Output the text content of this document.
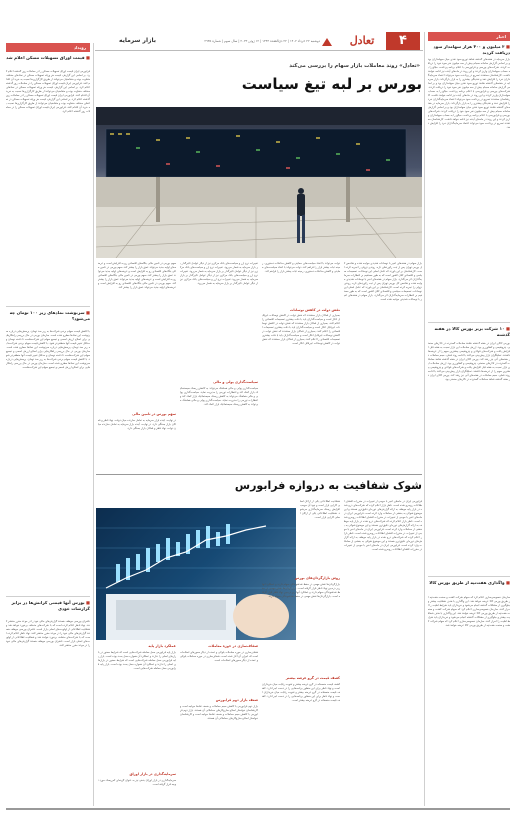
۴
تعادل
دوشنبه ۲۲ خرداد ۱۴۰۲ | ۲۲ ذی‌القعده ۱۴۴۴ | ۱۲ ژوئن ۲۰۲۳ | سال سوم | شماره ۲۹۳۵
بازار سرمایه
اخبار
■ ۳ میلیون و ۴۰۰ هزار سهامدار سود دریافت کردند
بازار سرمایه در هفته‌های گذشته شاهد توزیع سود نقدی میان سهامداران بود و بر اساس گزارش سامانه سجام بیش از سه میلیون نفر سود خود را دریافت کردند. شرکت‌های بورسی و فرابورسی با اعلام برنامه پرداخت، مبالغ را به حساب سهامداران واریز کردند و این روند در ماه‌های آینده نیز ادامه خواهد داشت. کارشناسان معتقدند تسریع در پرداخت سود می‌تواند اعتماد سرمایه‌گذاران خرد را افزایش دهد و نقدینگی بیشتری را به بازار بازگرداند. بازار سرمایه در هفته‌های گذشته شاهد توزیع سود نقدی میان سهامداران بود و بر اساس گزارش سامانه سجام بیش از سه میلیون نفر سود خود را دریافت کردند. شرکت‌های بورسی و فرابورسی با اعلام برنامه پرداخت، مبالغ را به حساب سهامداران واریز کردند و این روند در ماه‌های آینده نیز ادامه خواهد داشت. کارشناسان معتقدند تسریع در پرداخت سود می‌تواند اعتماد سرمایه‌گذاران خرد را افزایش دهد و نقدینگی بیشتری را به بازار بازگرداند. بازار سرمایه در هفته‌های گذشته شاهد توزیع سود نقدی میان سهامداران بود و بر اساس گزارش سامانه سجام بیش از سه میلیون نفر سود خود را دریافت کردند. شرکت‌های بورسی و فرابورسی با اعلام برنامه پرداخت، مبالغ را به حساب سهامداران واریز کردند و این روند در ماه‌های آینده نیز ادامه خواهد داشت. کارشناسان معتقدند تسریع در پرداخت سود می‌تواند اعتماد سرمایه‌گذاران خرد را افزایش دهد.
■ ۱۰ شرکت برتر بورس کالا در هفته گذشته
بورس کالای ایران در هفته گذشته شاهد معاملات گسترده در تالارهای صنعتی، پتروشیمی و کشاورزی بود. ارزش معاملات این بازار نسبت به هفته قبل افزایش یافت و شرکت‌های فولادی و پتروشیمی بیشترین سهم را از عرضه‌ها داشتند. تحلیلگران بازار پیش‌بینی می‌کنند با ادامه روند فعلی، حجم معاملات در هفته‌های آتی نیز رشد کند. بورس کالای ایران در هفته گذشته شاهد معاملات گسترده در تالارهای صنعتی، پتروشیمی و کشاورزی بود. ارزش معاملات این بازار نسبت به هفته قبل افزایش یافت و شرکت‌های فولادی و پتروشیمی بیشترین سهم را از عرضه‌ها داشتند. تحلیلگران بازار پیش‌بینی می‌کنند با ادامه روند فعلی، حجم معاملات در هفته‌های آتی نیز رشد کند. بورس کالای ایران در هفته گذشته شاهد معاملات گسترده در تالارهای صنعتی بود.
■ واگذاری هفت‌تپه از طریق بورس کالا
سازمان خصوصی‌سازی اعلام کرد که سهام شرکت کشت و صنعت هفت‌تپه از طریق بورس کالا عرضه خواهد شد. این واگذاری با هدف شفافیت بیشتر و جلوگیری از مشکلات گذشته انجام می‌شود و خریداران باید شرایط اهلیت را احراز کنند. سازمان خصوصی‌سازی اعلام کرد که سهام شرکت کشت و صنعت هفت‌تپه از طریق بورس کالا عرضه خواهد شد. این واگذاری با هدف شفافیت بیشتر و جلوگیری از مشکلات گذشته انجام می‌شود و خریداران باید شرایط اهلیت را احراز کنند. سازمان خصوصی‌سازی اعلام کرد که سهام شرکت کشت و صنعت هفت‌تپه از طریق بورس کالا عرضه خواهد شد.
رویداد
■ قیمت اوراق تسهیلات مسکن اعلام شد
فرابورس ایران قیمت اوراق تسهیلات مسکن را در معاملات روز گذشته اعلام کرد. بر اساس این گزارش، قیمت هر ورقه تسهیلات مسکن در نمادهای مختلف متفاوت بوده و متقاضیان می‌توانند از طریق کارگزاری‌ها نسبت به خرید آن اقدام کنند. فرابورس ایران قیمت اوراق تسهیلات مسکن را در معاملات روز گذشته اعلام کرد. بر اساس این گزارش، قیمت هر ورقه تسهیلات مسکن در نمادهای مختلف متفاوت بوده و متقاضیان می‌توانند از طریق کارگزاری‌ها نسبت به خرید آن اقدام کنند. فرابورس ایران قیمت اوراق تسهیلات مسکن را در معاملات روز گذشته اعلام کرد. بر اساس این گزارش، قیمت هر ورقه تسهیلات مسکن در نمادهای مختلف متفاوت بوده و متقاضیان می‌توانند از طریق کارگزاری‌ها نسبت به خرید آن اقدام کنند. فرابورس ایران قیمت اوراق تسهیلات مسکن را در معاملات روز گذشته اعلام کرد.
■ سرنوشت نمادهای زیر ۱۰۰ تومان چه می‌شود؟
با کاهش قیمت سهام برخی شرکت‌ها به زیر صد تومان، پرسش‌هایی درباره سرنوشت این نمادها مطرح شده است. سازمان بورس در حال بررسی راهکارهایی برای اصلاح ارزش اسمی و تجمیع سهام این شرکت‌هاست تا دامنه نوسان و حداقل تغییر قیمت آنها منطقی‌تر شود. با کاهش قیمت سهام برخی شرکت‌ها به زیر صد تومان، پرسش‌هایی درباره سرنوشت این نمادها مطرح شده است. سازمان بورس در حال بررسی راهکارهایی برای اصلاح ارزش اسمی و تجمیع سهام این شرکت‌هاست تا دامنه نوسان و حداقل تغییر قیمت آنها منطقی‌تر شود. با کاهش قیمت سهام برخی شرکت‌ها به زیر صد تومان، پرسش‌هایی درباره سرنوشت این نمادها مطرح شده است. سازمان بورس در حال بررسی راهکارهایی برای اصلاح ارزش اسمی و تجمیع سهام این شرکت‌هاست.
■ بورس آنها قیمتی کرانش‌ها در برابر گزارشات خودی
ناشران بورسی موظف هستند گزارش‌های مالی خود را در موعد مقرر منتشر کنند. نهاد ناظر اعلام کرده است که با شرکت‌های متخلف برخورد خواهد شد و شفافیت اطلاعاتی از اولویت‌های اصلی بازار است. ناشران بورسی موظف هستند گزارش‌های مالی خود را در موعد مقرر منتشر کنند. نهاد ناظر اعلام کرده است که با شرکت‌های متخلف برخورد خواهد شد و شفافیت اطلاعاتی از اولویت‌های اصلی بازار است. ناشران بورسی موظف هستند گزارش‌های مالی خود را در موعد مقرر منتشر کنند.
«تعادل» روند معاملات بازار سهام را بررسی می‌کند
بورس بر لبه تیغ سیاست
بازار سهام در هفته‌های اخیر با نوسانات شدیدی مواجه شده و شاخص کل بورس تهران پس از ثبت رکوردهای تازه، روندی نزولی را تجربه کرده است. کارشناسان بر این باورند که عامل اصلی این نوسانات، تصمیمات سیاسی و اقتصادی کلان کشور است که به طور مستقیم بر انتظارات سرمایه‌گذاران اثر می‌گذارد. بازار سهام در هفته‌های اخیر با نوسانات شدیدی مواجه شده و شاخص کل بورس تهران پس از ثبت رکوردهای تازه، روندی نزولی را تجربه کرده است. کارشناسان بر این باورند که عامل اصلی این نوسانات، تصمیمات سیاسی و اقتصادی کلان کشور است که به طور مستقیم بر انتظارات سرمایه‌گذاران اثر می‌گذارد. بازار سهام در هفته‌های اخیر با نوسانات شدیدی مواجه شده است.
نقش دولت در کاهش نوسانات
دولت می‌تواند با اتخاذ سیاست‌های حمایتی و کاهش مداخلات دستوری، زمینه ثبات بیشتر بازار را فراهم کند. دولت می‌تواند با اتخاذ سیاست‌های حمایتی و کاهش مداخلات دستوری، زمینه ثبات بیشتر بازار را فراهم کند.
بسیاری از فعالان بازار معتقدند که نقش دولت در کاهش نوسانات غیرقابل انکار است و سیاست‌گذاران باید با دقت بیشتری تصمیمات اقتصادی را اعلام کنند. بسیاری از فعالان بازار معتقدند که نقش دولت در کاهش نوسانات غیرقابل انکار است و سیاست‌گذاران باید با دقت بیشتری تصمیمات اقتصادی را اعلام کنند. بسیاری از فعالان بازار معتقدند که نقش دولت در کاهش نوسانات غیرقابل انکار است و سیاست‌گذاران باید با دقت بیشتری تصمیمات اقتصادی را اعلام کنند. بسیاری از فعالان بازار معتقدند که نقش دولت در کاهش نوسانات غیرقابل انکار است.
تغییرات نرخ ارز و سیاست‌های بانک مرکزی نیز از دیگر عوامل تاثیرگذار بر بازار سرمایه به شمار می‌رود. تغییرات نرخ ارز و سیاست‌های بانک مرکزی نیز از دیگر عوامل تاثیرگذار بر بازار سرمایه به شمار می‌رود. تغییرات نرخ ارز و سیاست‌های بانک مرکزی نیز از دیگر عوامل تاثیرگذار بر بازار سرمایه به شمار می‌رود. تغییرات نرخ ارز و سیاست‌های بانک مرکزی نیز از دیگر عوامل تاثیرگذار بر بازار سرمایه به شمار می‌رود.
سیاست‌گذاری پولی و مالی
سیاست‌گذاری پولی و مالی هماهنگ می‌تواند به کاهش ریسک سیستماتیک بازار کمک کند و انتظارات تورمی را مدیریت نماید. سیاست‌گذاری پولی و مالی هماهنگ می‌تواند به کاهش ریسک سیستماتیک بازار کمک کند و انتظارات تورمی را مدیریت نماید. سیاست‌گذاری پولی و مالی هماهنگ می‌تواند به کاهش ریسک سیستماتیک بازار کمک کند.
سهم بورس در تامین مالی بنگاه‌های اقتصادی رو به افزایش است و عرضه‌های اولیه جدید می‌تواند عمق بازار را بیشتر کند. سهم بورس در تامین مالی بنگاه‌های اقتصادی رو به افزایش است و عرضه‌های اولیه جدید می‌تواند عمق بازار را بیشتر کند. سهم بورس در تامین مالی بنگاه‌های اقتصادی رو به افزایش است و عرضه‌های اولیه جدید می‌تواند عمق بازار را بیشتر کند. سهم بورس در تامین مالی بنگاه‌های اقتصادی رو به افزایش است و عرضه‌های اولیه جدید می‌تواند عمق بازار را بیشتر کند.
سهم بورس در تامین مالی
در نهایت، آینده بازار سرمایه به تعامل سازنده میان دولت، نهاد ناظر و فعالان بازار بستگی دارد. در نهایت، آینده بازار سرمایه به تعامل سازنده میان دولت، نهاد ناظر و فعالان بازار بستگی دارد.
شوک شفافیت به دروازه فرابورس
فرابورس ایران در ماه‌های اخیر با موجی از تغییرات در مقررات افشای اطلاعات روبه‌رو شده است. ناظر بازار اعلام کرده که شرکت‌های درج شده در بازار پایه موظف به ارائه گزارش‌های دوره‌ای دقیق‌تری هستند و این موضوع شوکی به بخشی از معاملات وارد کرده است. فرابورس ایران در ماه‌های اخیر با موجی از تغییرات در مقررات افشای اطلاعات روبه‌رو شده است. ناظر بازار اعلام کرده که شرکت‌های درج شده در بازار پایه موظف به ارائه گزارش‌های دوره‌ای دقیق‌تری هستند و این موضوع شوکی به بخشی از معاملات وارد کرده است. فرابورس ایران در ماه‌های اخیر با موجی از تغییرات در مقررات افشای اطلاعات روبه‌رو شده است. ناظر بازار اعلام کرده که شرکت‌های درج شده در بازار پایه موظف به ارائه گزارش‌های دوره‌ای دقیق‌تری هستند و این موضوع شوکی به بخشی از معاملات وارد کرده است. فرابورس ایران در ماه‌های اخیر با موجی از تغییرات در مقررات افشای اطلاعات روبه‌رو شده است.
روش بازارگردان‌های بورس
شفافیت اطلاعاتی یکی از ارکان اصلی کارایی بازار است و نبود آن موجب افزایش ریسک سرمایه‌گذاری می‌شود. شفافیت اطلاعاتی یکی از ارکان اصلی کارایی بازار است.
بازارگردان‌ها نقش مهمی در حفظ نقدشوندگی سهام دارند و عملکرد آنها زیر ذره‌بین نهاد ناظر قرار گرفته است. بازارگردان‌ها نقش مهمی در حفظ نقدشوندگی سهام دارند و عملکرد آنها زیر ذره‌بین نهاد ناظر قرار گرفته است. بازارگردان‌ها نقش مهمی در حفظ نقدشوندگی سهام دارند.
کشف قیمت در گرو عرضه بیشتر
کشف قیمت منصفانه در گرو عرضه بیشتر و تقویت رقابت میان خریداران است و نهاد ناظر برای این منظور برنامه‌هایی را در دست اجرا دارد. کشف قیمت منصفانه در گرو عرضه بیشتر و تقویت رقابت میان خریداران است و نهاد ناظر برای این منظور برنامه‌هایی را در دست اجرا دارد. کشف قیمت منصفانه در گرو عرضه بیشتر است.
شفاف‌سازی در حوزه معاملات
شفاف‌سازی در حوزه معاملات بلوکی و عمده از دیگر محورهای اصلاحات است که اجرای آن آغاز شده است. شفاف‌سازی در حوزه معاملات بلوکی و عمده از دیگر محورهای اصلاحات است.
ضعف بازار دوم فرابورس
بازار دوم فرابورس با کاهش حجم معاملات و ضعف تقاضا مواجه است و کارشناسان خواستار اصلاح سازوکارهای معاملاتی آن هستند. بازار دوم فرابورس با کاهش حجم معاملات و ضعف تقاضا مواجه است و کارشناسان خواستار اصلاح سازوکارهای معاملاتی آن هستند.
عملکرد بازار پایه
بازار پایه فرابورس محل معامله شرکت‌هایی است که شرایط حضور در بازارهای اصلی را ندارند و عملکرد آن همواره محل بحث بوده است. بازار پایه فرابورس محل معامله شرکت‌هایی است که شرایط حضور در بازارهای اصلی را ندارند و عملکرد آن همواره محل بحث بوده است. بازار پایه فرابورس محل معامله شرکت‌هایی است.
سرمایه‌گذاری در بازار اوراق
سرمایه‌گذاری در بازار اوراق بدهی نیز به عنوان گزینه‌ای کم‌ریسک مورد توجه قرار گرفته است.
